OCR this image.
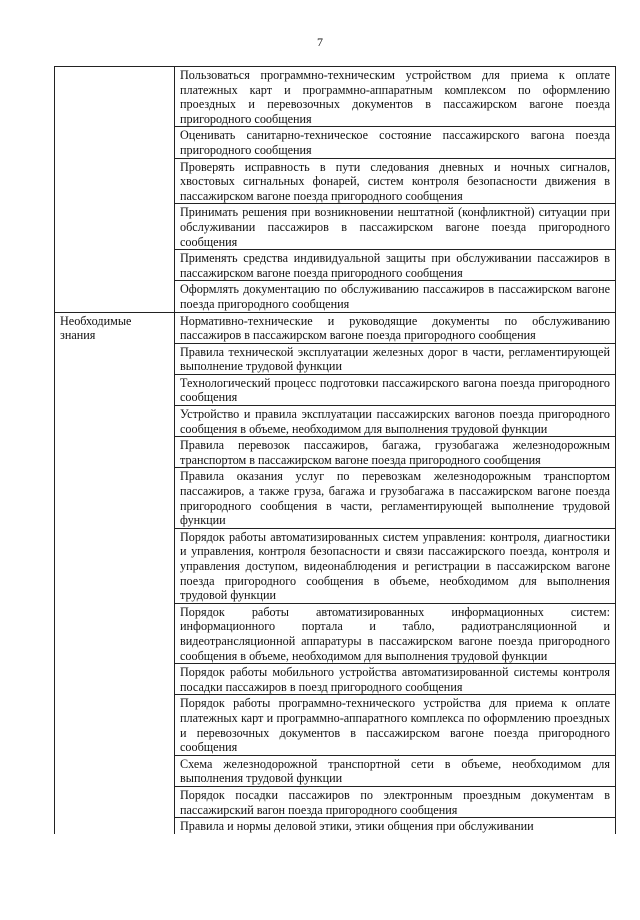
7
	Пользоваться программно-техническим устройством для приема к оплате платежных карт и программно-аппаратным комплексом по оформлению проездных и перевозочных документов в пассажирском вагоне поезда пригородного сообщения
	Оценивать санитарно-техническое состояние пассажирского вагона поезда пригородного сообщения
	Проверять исправность в пути следования дневных и ночных сигналов, хвостовых сигнальных фонарей, систем контроля безопасности движения в пассажирском вагоне поезда пригородного сообщения
	Принимать решения при возникновении нештатной (конфликтной) ситуации при обслуживании пассажиров в пассажирском вагоне поезда пригородного сообщения
	Применять средства индивидуальной защиты при обслуживании пассажиров в пассажирском вагоне поезда пригородного сообщения
	Оформлять документацию по обслуживанию пассажиров в пассажирском вагоне поезда пригородного сообщения
Необходимые знания	Нормативно-технические и руководящие документы по обслуживанию пассажиров в пассажирском вагоне поезда пригородного сообщения
	Правила технической эксплуатации железных дорог в части, регламентирующей выполнение трудовой функции
	Технологический процесс подготовки пассажирского вагона поезда пригородного сообщения
	Устройство и правила эксплуатации пассажирских вагонов поезда пригородного сообщения в объеме, необходимом для выполнения трудовой функции
	Правила перевозок пассажиров, багажа, грузобагажа железнодорожным транспортом в пассажирском вагоне поезда пригородного сообщения
	Правила оказания услуг по перевозкам железнодорожным транспортом пассажиров, а также груза, багажа и грузобагажа в пассажирском вагоне поезда пригородного сообщения в части, регламентирующей выполнение трудовой функции
	Порядок работы автоматизированных систем управления: контроля, диагностики и управления, контроля безопасности и связи пассажирского поезда, контроля и управления доступом, видеонаблюдения и регистрации в пассажирском вагоне поезда пригородного сообщения в объеме, необходимом для выполнения трудовой функции
	Порядок работы автоматизированных информационных систем: информационного портала и табло, радиотрансляционной и видеотрансляционной аппаратуры в пассажирском вагоне поезда пригородного сообщения в объеме, необходимом для выполнения трудовой функции
	Порядок работы мобильного устройства автоматизированной системы контроля посадки пассажиров в поезд пригородного сообщения
	Порядок работы программно-технического устройства для приема к оплате платежных карт и программно-аппаратного комплекса по оформлению проездных и перевозочных документов в пассажирском вагоне поезда пригородного сообщения
	Схема железнодорожной транспортной сети в объеме, необходимом для выполнения трудовой функции
	Порядок посадки пассажиров по электронным проездным документам в пассажирский вагон поезда пригородного сообщения
	Правила и нормы деловой этики, этики общения при обслуживании
